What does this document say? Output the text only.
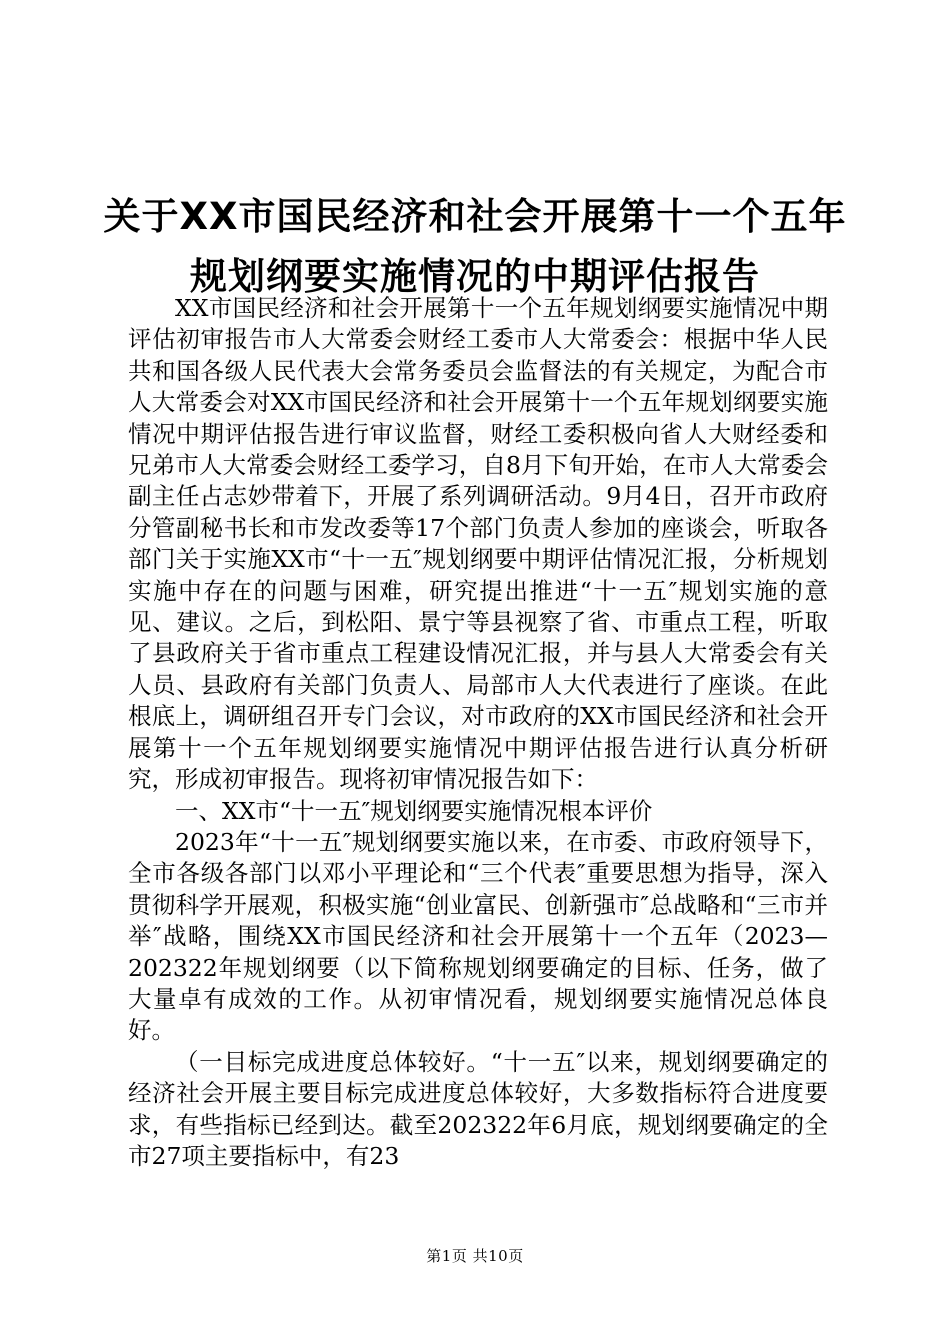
关于XX市国民经济和社会开展第十一个五年
规划纲要实施情况的中期评估报告

XX市国民经济和社会开展第十一个五年规划纲要实施情况中期评估初审报告市人大常委会财经工委市人大常委会：根据中华人民共和国各级人民代表大会常务委员会监督法的有关规定，为配合市人大常委会对XX市国民经济和社会开展第十一个五年规划纲要实施情况中期评估报告进行审议监督，财经工委积极向省人大财经委和兄弟市人大常委会财经工委学习，自8月下旬开始，在市人大常委会副主任占志妙带着下，开展了系列调研活动。9月4日，召开市政府分管副秘书长和市发改委等17个部门负责人参加的座谈会，听取各部门关于实施XX市“十一五″规划纲要中期评估情况汇报，分析规划实施中存在的问题与困难，研究提出推进“十一五″规划实施的意见、建议。之后，到松阳、景宁等县视察了省、市重点工程，听取了县政府关于省市重点工程建设情况汇报，并与县人大常委会有关人员、县政府有关部门负责人、局部市人大代表进行了座谈。在此根底上，调研组召开专门会议，对市政府的XX市国民经济和社会开展第十一个五年规划纲要实施情况中期评估报告进行认真分析研究，形成初审报告。现将初审情况报告如下：

一、XX市“十一五″规划纲要实施情况根本评价

2023年“十一五″规划纲要实施以来，在市委、市政府领导下，全市各级各部门以邓小平理论和“三个代表″重要思想为指导，深入贯彻科学开展观，积极实施“创业富民、创新强市″总战略和“三市并举″战略，围绕XX市国民经济和社会开展第十一个五年（2023—202322年规划纲要（以下简称规划纲要确定的目标、任务，做了大量卓有成效的工作。从初审情况看，规划纲要实施情况总体良好。

（一目标完成进度总体较好。“十一五″以来，规划纲要确定的经济社会开展主要目标完成进度总体较好，大多数指标符合进度要求，有些指标已经到达。截至202322年6月底，规划纲要确定的全市27项主要指标中，有23

第1页 共10页
